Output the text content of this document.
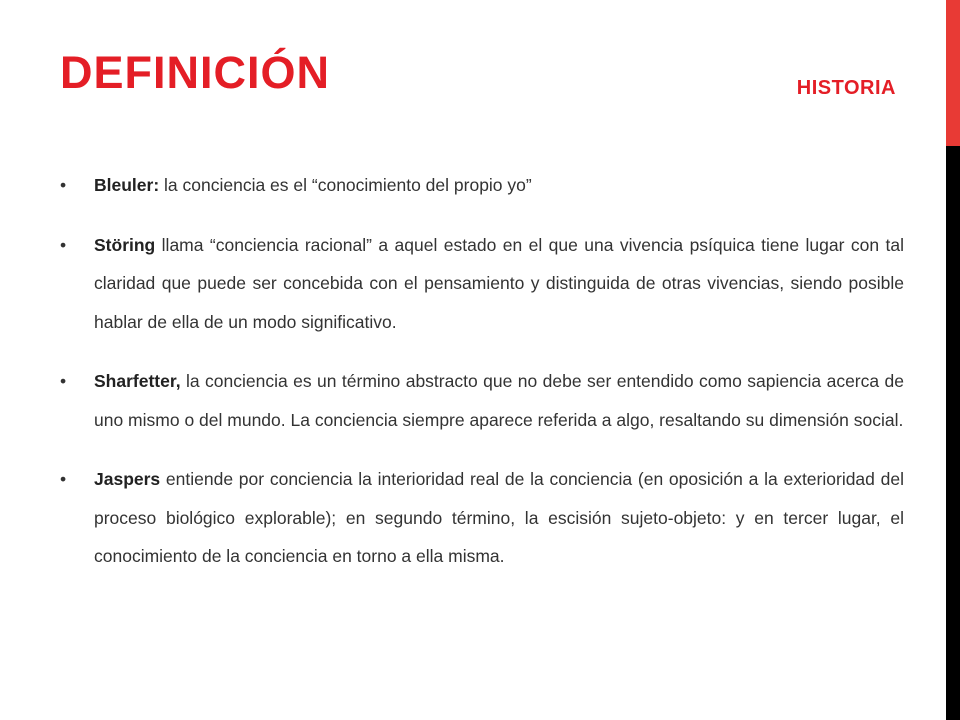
DEFINICIÓN	HISTORIA
• Bleuler: la conciencia es el “conocimiento del propio yo”
• Störing llama “conciencia racional” a aquel estado en el que una vivencia psíquica tiene lugar con tal claridad que puede ser concebida con el pensamiento y distinguida de otras vivencias, siendo posible hablar de ella de un modo significativo.
• Sharfetter, la conciencia es un término abstracto que no debe ser entendido como sapiencia acerca de uno mismo o del mundo. La conciencia siempre aparece referida a algo, resaltando su dimensión social.
• Jaspers entiende por conciencia la interioridad real de la conciencia (en oposición a la exterioridad del proceso biológico explorable); en segundo término, la escisión sujeto-objeto: y en tercer lugar, el conocimiento de la conciencia en torno a ella misma.
